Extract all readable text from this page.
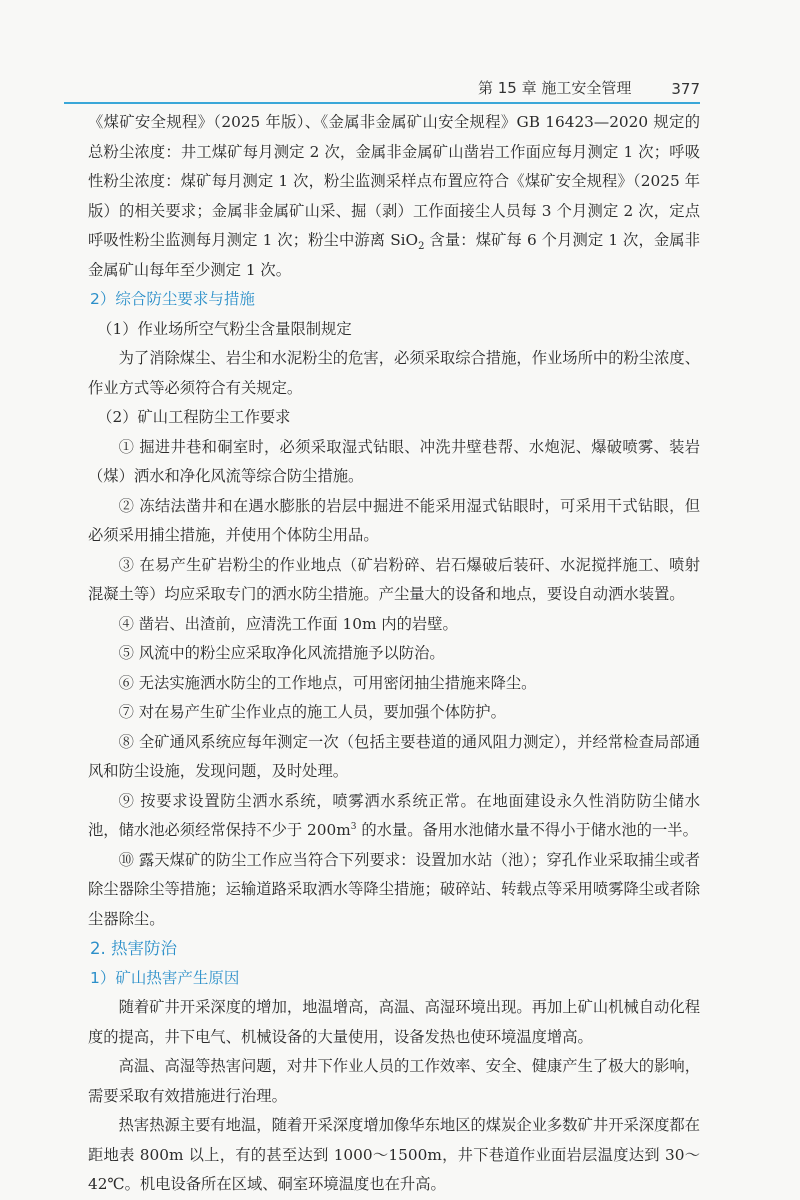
第 15 章 施工安全管理	377

《煤矿安全规程》（2025 年版）、《金属非金属矿山安全规程》GB 16423—2020 规定的总粉尘浓度：井工煤矿每月测定 2 次，金属非金属矿山凿岩工作面应每月测定 1 次；呼吸性粉尘浓度：煤矿每月测定 1 次，粉尘监测采样点布置应符合《煤矿安全规程》（2025 年版）的相关要求；金属非金属矿山采、掘（剥）工作面接尘人员每 3 个月测定 2 次，定点呼吸性粉尘监测每月测定 1 次；粉尘中游离 SiO$_2$ 含量：煤矿每 6 个月测定 1 次，金属非金属矿山每年至少测定 1 次。

2）综合防尘要求与措施

（1）作业场所空气粉尘含量限制规定

为了消除煤尘、岩尘和水泥粉尘的危害，必须采取综合措施，作业场所中的粉尘浓度、作业方式等必须符合有关规定。

（2）矿山工程防尘工作要求

① 掘进井巷和硐室时，必须采取湿式钻眼、冲洗井壁巷帮、水炮泥、爆破喷雾、装岩（煤）洒水和净化风流等综合防尘措施。

② 冻结法凿井和在遇水膨胀的岩层中掘进不能采用湿式钻眼时，可采用干式钻眼，但必须采用捕尘措施，并使用个体防尘用品。

③ 在易产生矿岩粉尘的作业地点（矿岩粉碎、岩石爆破后装矸、水泥搅拌施工、喷射混凝土等）均应采取专门的洒水防尘措施。产尘量大的设备和地点，要设自动洒水装置。

④ 凿岩、出渣前，应清洗工作面 10m 内的岩壁。

⑤ 风流中的粉尘应采取净化风流措施予以防治。

⑥ 无法实施洒水防尘的工作地点，可用密闭抽尘措施来降尘。

⑦ 对在易产生矿尘作业点的施工人员，要加强个体防护。

⑧ 全矿通风系统应每年测定一次（包括主要巷道的通风阻力测定），并经常检查局部通风和防尘设施，发现问题，及时处理。

⑨ 按要求设置防尘洒水系统，喷雾洒水系统正常。在地面建设永久性消防防尘储水池，储水池必须经常保持不少于 $200m^3$ 的水量。备用水池储水量不得小于储水池的一半。

⑩ 露天煤矿的防尘工作应当符合下列要求：设置加水站（池）；穿孔作业采取捕尘或者除尘器除尘等措施；运输道路采取洒水等降尘措施；破碎站、转载点等采用喷雾降尘或者除尘器除尘。

2. 热害防治

1）矿山热害产生原因

随着矿井开采深度的增加，地温增高，高温、高湿环境出现。再加上矿山机械自动化程度的提高，井下电气、机械设备的大量使用，设备发热也使环境温度增高。

高温、高湿等热害问题，对井下作业人员的工作效率、安全、健康产生了极大的影响，需要采取有效措施进行治理。

热害热源主要有地温，随着开采深度增加像华东地区的煤炭企业多数矿井开采深度都在距地表 800m 以上，有的甚至达到 1000～1500m，井下巷道作业面岩层温度达到 30～42℃。机电设备所在区域、硐室环境温度也在升高。
